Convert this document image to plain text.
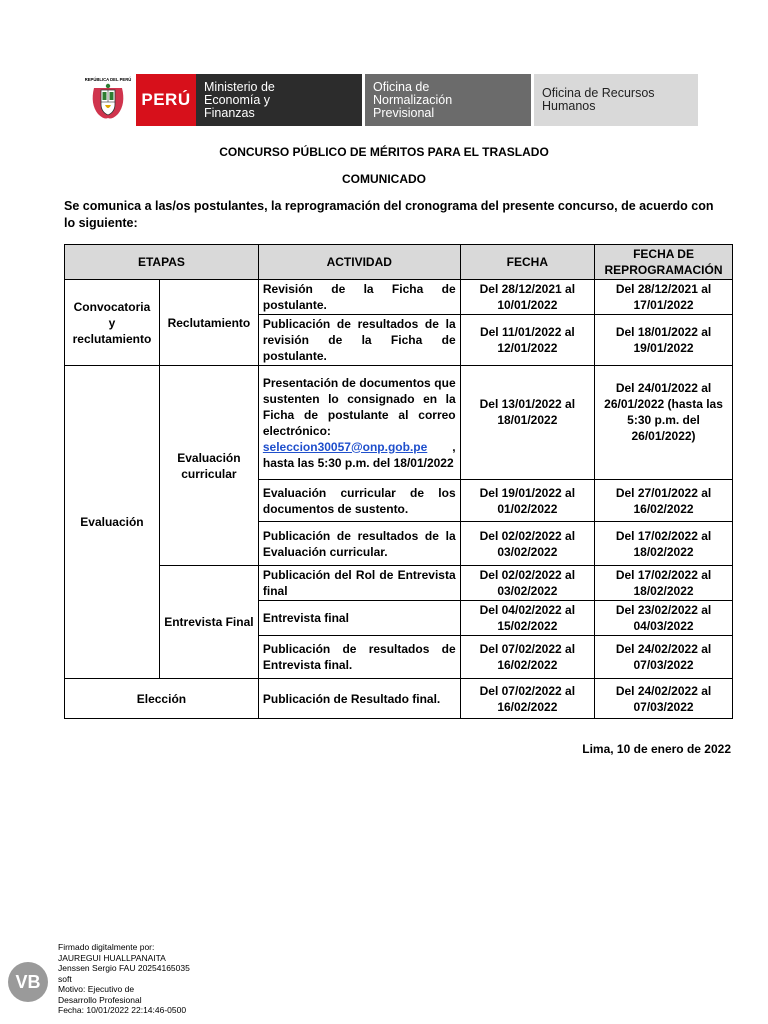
REPÚBLICA DEL PERÚ
PERÚ
Ministerio de
Economía y
Finanzas
Oficina de
Normalización
Previsional
Oficina de Recursos
Humanos
CONCURSO PÚBLICO DE MÉRITOS PARA EL TRASLADO
COMUNICADO
Se comunica a las/os postulantes, la reprogramación del cronograma del presente concurso, de acuerdo con lo siguiente:
ETAPAS		ACTIVIDAD	FECHA	FECHA DE REPROGRAMACIÓN
Convocatoria y reclutamiento	Reclutamiento	Revisión de la Ficha de postulante.	Del 28/12/2021 al 10/01/2022	Del 28/12/2021 al 17/01/2022
		Publicación de resultados de la revisión de la Ficha de postulante.	Del 11/01/2022 al 12/01/2022	Del 18/01/2022 al 19/01/2022
Evaluación	Evaluación curricular	Presentación de documentos que sustenten lo consignado en la Ficha de postulante al correo electrónico: seleccion30057@onp.gob.pe , hasta las 5:30 p.m. del 18/01/2022	Del 13/01/2022 al 18/01/2022	Del 24/01/2022 al 26/01/2022 (hasta las 5:30 p.m. del 26/01/2022)
		Evaluación curricular de los documentos de sustento.	Del 19/01/2022 al 01/02/2022	Del 27/01/2022 al 16/02/2022
		Publicación de resultados de la Evaluación curricular.	Del 02/02/2022 al 03/02/2022	Del 17/02/2022 al 18/02/2022
	Entrevista Final	Publicación del Rol de Entrevista final	Del 02/02/2022 al 03/02/2022	Del 17/02/2022 al 18/02/2022
		Entrevista final	Del 04/02/2022 al 15/02/2022	Del 23/02/2022 al 04/03/2022
		Publicación de resultados de Entrevista final.	Del 07/02/2022 al 16/02/2022	Del 24/02/2022 al 07/03/2022
Elección		Publicación de Resultado final.	Del 07/02/2022 al 16/02/2022	Del 24/02/2022 al 07/03/2022
Lima, 10 de enero de 2022
VB
Firmado digitalmente por:
JAUREGUI HUALLPANAITA
Jenssen Sergio FAU 20254165035
soft
Motivo: Ejecutivo de
Desarrollo Profesional
Fecha: 10/01/2022 22:14:46-0500
